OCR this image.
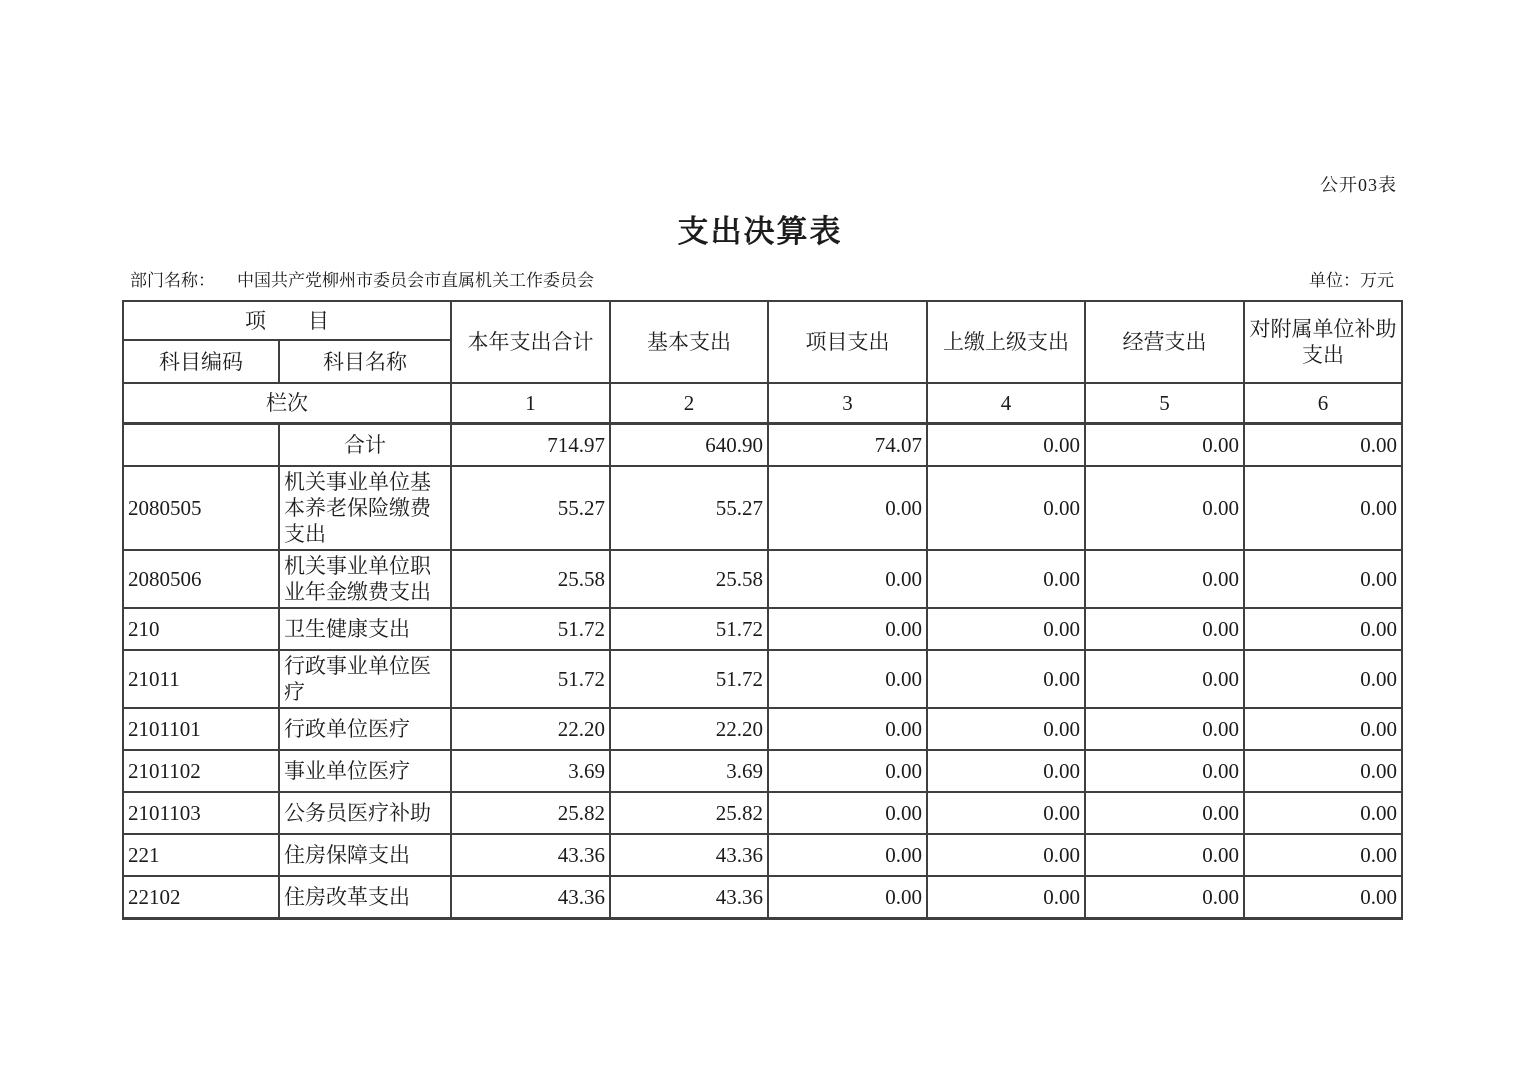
公开03表
支出决算表
部门名称： 中国共产党柳州市委员会市直属机关工作委员会	单位：万元
项　　目		本年支出合计	基本支出	项目支出	上缴上级支出	经营支出	对附属单位补助支出
科目编码	科目名称						
栏次		1	2	3	4	5	6
	合计	714.97	640.90	74.07	0.00	0.00	0.00
2080505	机关事业单位基本养老保险缴费支出	55.27	55.27	0.00	0.00	0.00	0.00
2080506	机关事业单位职业年金缴费支出	25.58	25.58	0.00	0.00	0.00	0.00
210	卫生健康支出	51.72	51.72	0.00	0.00	0.00	0.00
21011	行政事业单位医疗	51.72	51.72	0.00	0.00	0.00	0.00
2101101	行政单位医疗	22.20	22.20	0.00	0.00	0.00	0.00
2101102	事业单位医疗	3.69	3.69	0.00	0.00	0.00	0.00
2101103	公务员医疗补助	25.82	25.82	0.00	0.00	0.00	0.00
221	住房保障支出	43.36	43.36	0.00	0.00	0.00	0.00
22102	住房改革支出	43.36	43.36	0.00	0.00	0.00	0.00
